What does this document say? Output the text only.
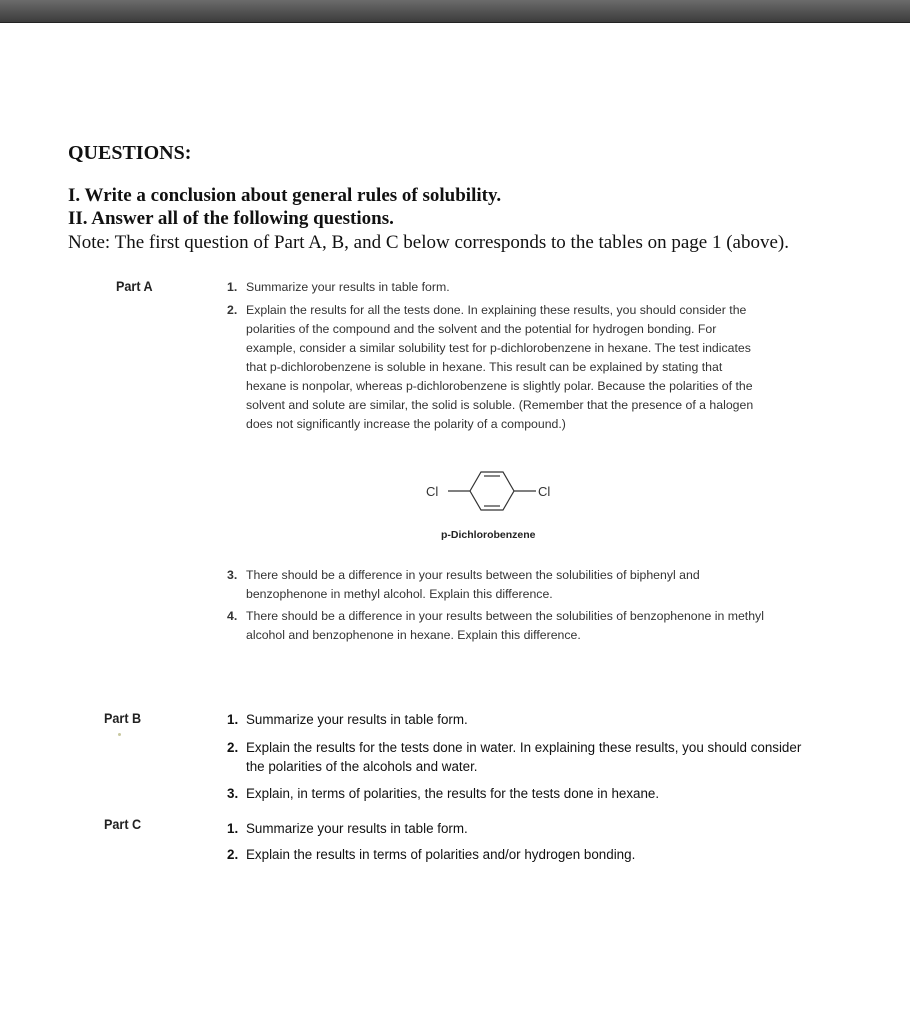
QUESTIONS:
I. Write a conclusion about general rules of solubility.
II. Answer all of the following questions.
Note: The first question of Part A, B, and C below corresponds to the tables on page 1 (above).
Part A	1. Summarize your results in table form.
2. Explain the results for all the tests done. In explaining these results, you should consider the polarities of the compound and the solvent and the potential for hydrogen bonding. For example, consider a similar solubility test for p-dichlorobenzene in hexane. The test indicates that p-dichlorobenzene is soluble in hexane. This result can be explained by stating that hexane is nonpolar, whereas p-dichlorobenzene is slightly polar. Because the polarities of the solvent and solute are similar, the solid is soluble. (Remember that the presence of a halogen does not significantly increase the polarity of a compound.)
Cl	Cl
p-Dichlorobenzene
3. There should be a difference in your results between the solubilities of biphenyl and benzophenone in methyl alcohol. Explain this difference.
4. There should be a difference in your results between the solubilities of benzophenone in methyl alcohol and benzophenone in hexane. Explain this difference.
Part B	1. Summarize your results in table form.
2. Explain the results for the tests done in water. In explaining these results, you should consider the polarities of the alcohols and water.
3. Explain, in terms of polarities, the results for the tests done in hexane.
Part C	1. Summarize your results in table form.
2. Explain the results in terms of polarities and/or hydrogen bonding.
